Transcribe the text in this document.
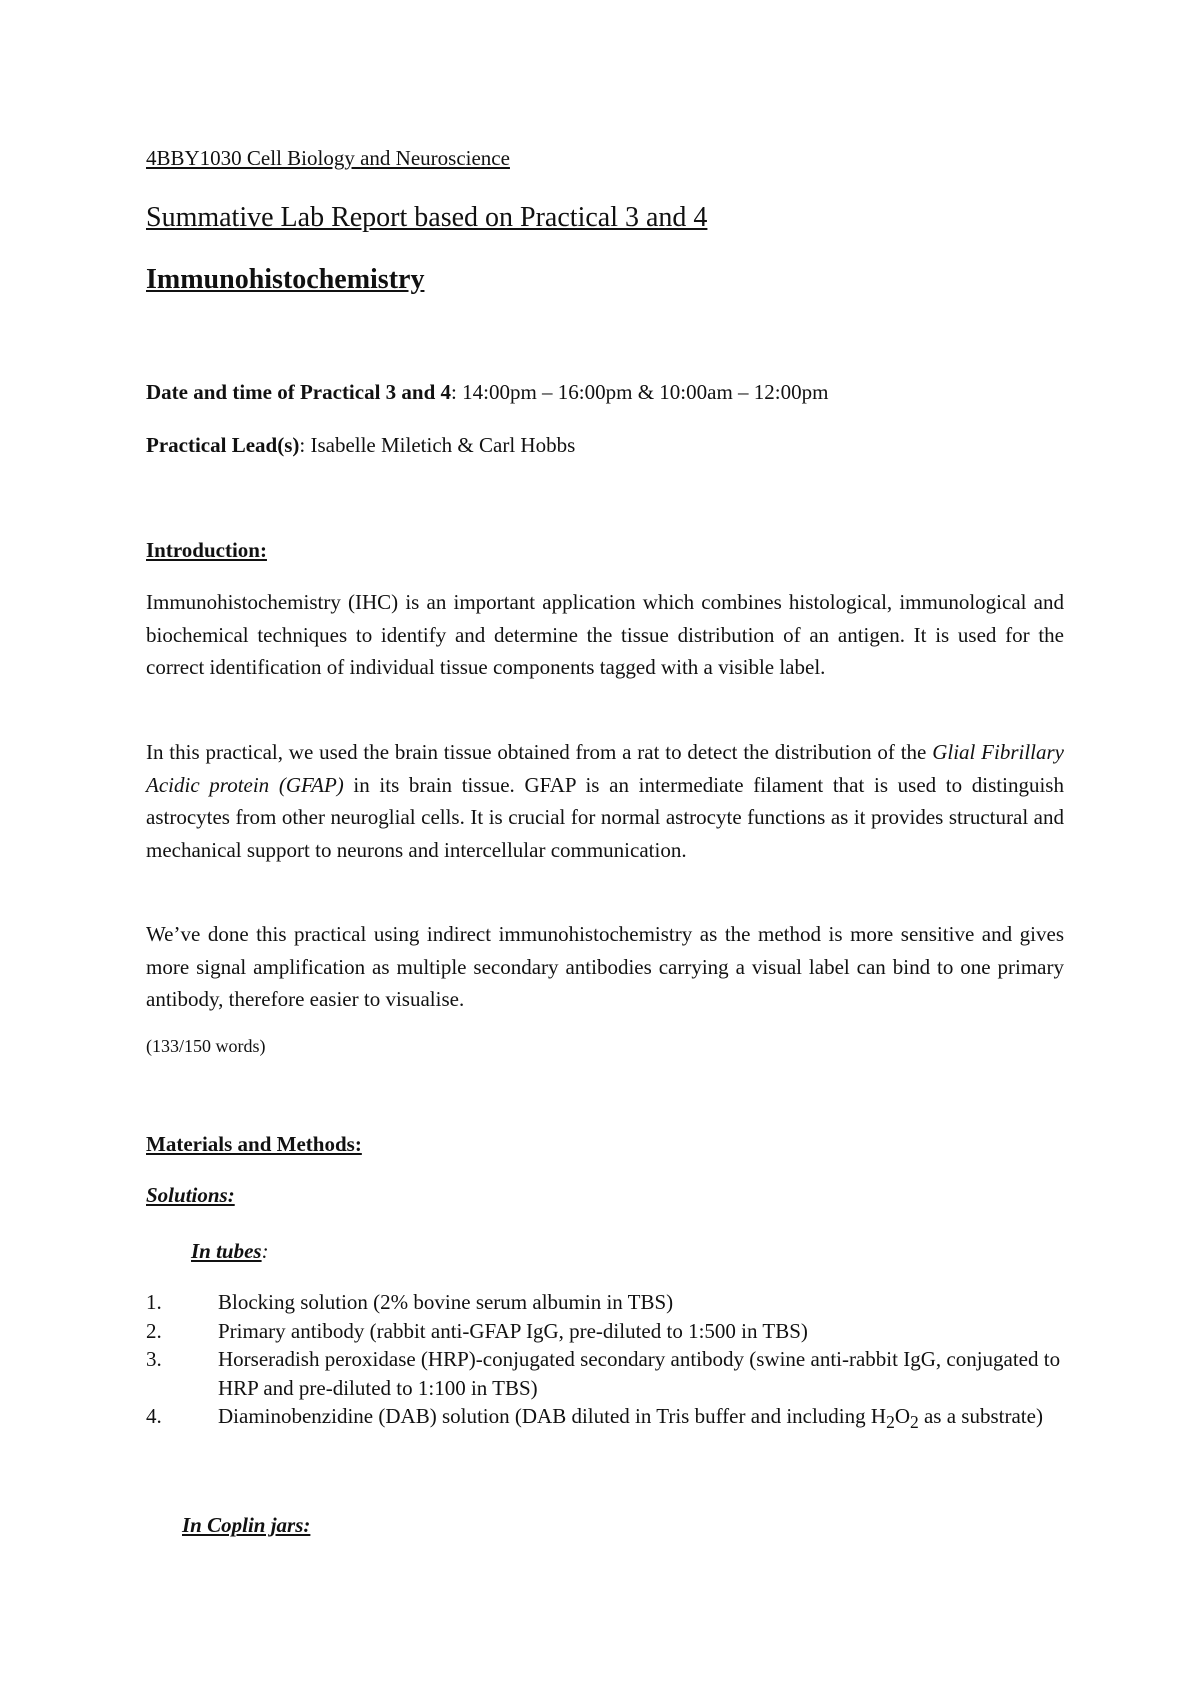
4BBY1030 Cell Biology and Neuroscience

Summative Lab Report based on Practical 3 and 4

Immunohistochemistry

Date and time of Practical 3 and 4: 14:00pm – 16:00pm & 10:00am – 12:00pm

Practical Lead(s): Isabelle Miletich & Carl Hobbs

Introduction:

Immunohistochemistry (IHC) is an important application which combines histological, immunological and biochemical techniques to identify and determine the tissue distribution of an antigen. It is used for the correct identification of individual tissue components tagged with a visible label.

In this practical, we used the brain tissue obtained from a rat to detect the distribution of the Glial Fibrillary Acidic protein (GFAP) in its brain tissue. GFAP is an intermediate filament that is used to distinguish astrocytes from other neuroglial cells. It is crucial for normal astrocyte functions as it provides structural and mechanical support to neurons and intercellular communication.

We’ve done this practical using indirect immunohistochemistry as the method is more sensitive and gives more signal amplification as multiple secondary antibodies carrying a visual label can bind to one primary antibody, therefore easier to visualise.

(133/150 words)

Materials and Methods:

Solutions:

In tubes:

1.	Blocking solution (2% bovine serum albumin in TBS)
2.	Primary antibody (rabbit anti-GFAP IgG, pre-diluted to 1:500 in TBS)
3.	Horseradish peroxidase (HRP)-conjugated secondary antibody (swine anti-rabbit IgG, conjugated to HRP and pre-diluted to 1:100 in TBS)
4.	Diaminobenzidine (DAB) solution (DAB diluted in Tris buffer and including $H_2O_2$ as a substrate)

In Coplin jars:
